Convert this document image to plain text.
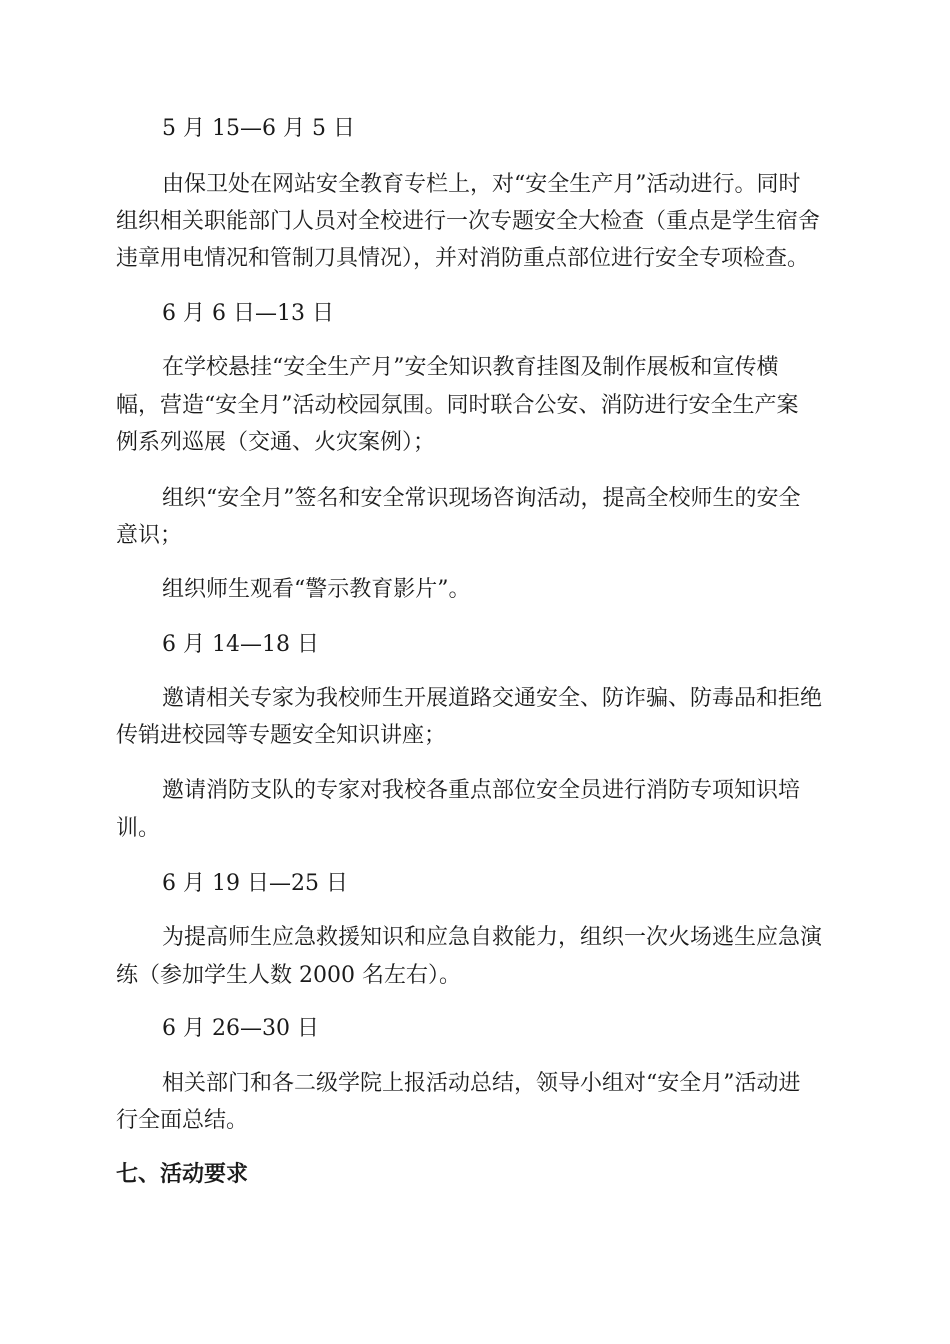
5 月 15—6 月 5 日
由保卫处在网站安全教育专栏上，对“安全生产月”活动进行。同时
组织相关职能部门人员对全校进行一次专题安全大检查（重点是学生宿舍
违章用电情况和管制刀具情况），并对消防重点部位进行安全专项检查。
6 月 6 日—13 日
在学校悬挂“安全生产月”安全知识教育挂图及制作展板和宣传横
幅，营造“安全月”活动校园氛围。同时联合公安、消防进行安全生产案
例系列巡展（交通、火灾案例）；
组织“安全月”签名和安全常识现场咨询活动，提高全校师生的安全
意识；
组织师生观看“警示教育影片”。
6 月 14—18 日
邀请相关专家为我校师生开展道路交通安全、防诈骗、防毒品和拒绝
传销进校园等专题安全知识讲座；
邀请消防支队的专家对我校各重点部位安全员进行消防专项知识培
训。
6 月 19 日—25 日
为提高师生应急救援知识和应急自救能力，组织一次火场逃生应急演
练（参加学生人数 2000 名左右）。
6 月 26—30 日
相关部门和各二级学院上报活动总结，领导小组对“安全月”活动进
行全面总结。
七、活动要求
